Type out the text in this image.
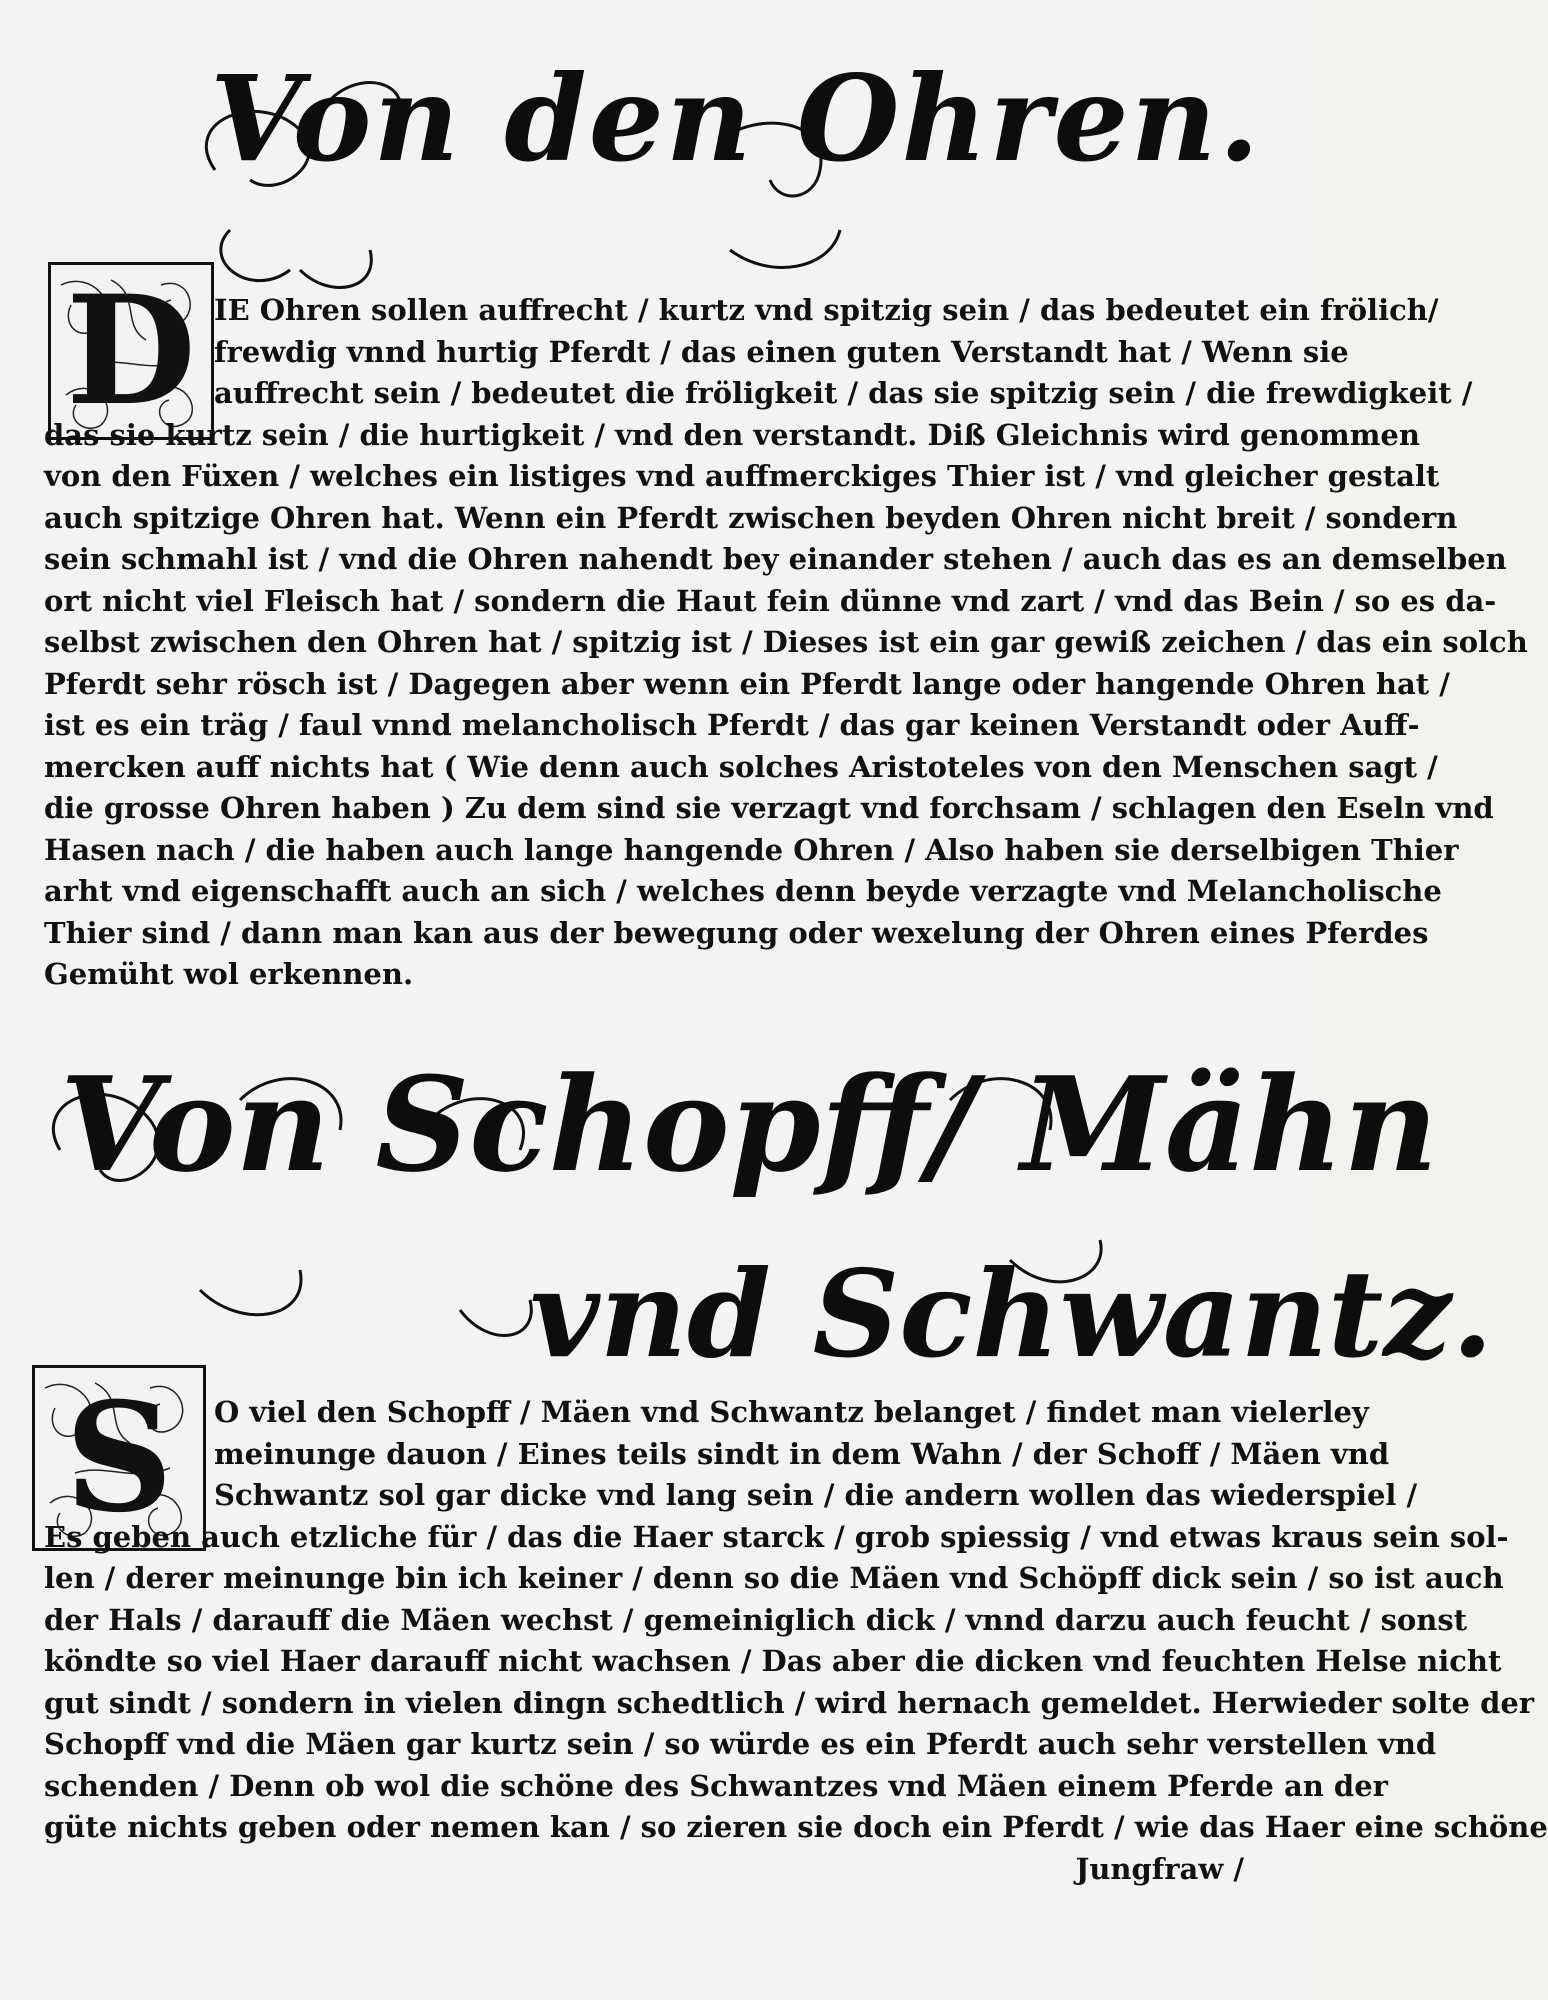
Von den Ohren.
D IE Ohren sollen auffrecht / kurtz vnd spitzig sein / das bedeutet ein frölich/
frewdig vnnd hurtig Pferdt / das einen guten Verstandt hat / Wenn sie
auffrecht sein / bedeutet die frӧligkeit / das sie spitzig sein / die frewdigkeit /
das sie kurtz sein / die hurtigkeit / vnd den verstandt. Diß Gleichnis wird genommen
von den Füxen / welches ein listiges vnd auffmerckiges Thier ist / vnd gleicher gestalt
auch spitzige Ohren hat. Wenn ein Pferdt zwischen beyden Ohren nicht breit / sondern
sein schmahl ist / vnd die Ohren nahendt bey einander stehen / auch das es an demselben
ort nicht viel Fleisch hat / sondern die Haut fein dünne vnd zart / vnd das Bein / so es da-
selbst zwischen den Ohren hat / spitzig ist / Dieses ist ein gar gewiß zeichen / das ein solch
Pferdt sehr rösch ist / Dagegen aber wenn ein Pferdt lange oder hangende Ohren hat /
ist es ein träg / faul vnnd melancholisch Pferdt / das gar keinen Verstandt oder Auff-
mercken auff nichts hat ( Wie denn auch solches Aristoteles von den Menschen sagt /
die grosse Ohren haben ) Zu dem sind sie verzagt vnd forchsam / schlagen den Eseln vnd
Hasen nach / die haben auch lange hangende Ohren / Also haben sie derselbigen Thier
arht vnd eigenschafft auch an sich / welches denn beyde verzagte vnd Melancholische
Thier sind / dann man kan aus der bewegung oder wexelung der Ohren eines Pferdes
Gemüht wol erkennen.
Von Schopff/ Mähn
vnd Schwantz.
S	O viel den Schopff / Mäen vnd Schwantz belanget / findet man vielerley
meinunge dauon / Eines teils sindt in dem Wahn / der Schoff / Mäen vnd
Schwantz sol gar dicke vnd lang sein / die andern wollen das wiederspiel /
Es geben auch etzliche für / das die Haer starck / grob spiessig / vnd etwas kraus sein sol-
len / derer meinunge bin ich keiner / denn so die Mäen vnd Schöpff dick sein / so ist auch
der Hals / darauff die Mäen wechst / gemeiniglich dick / vnnd darzu auch feucht / sonst
köndte so viel Haer darauff nicht wachsen / Das aber die dicken vnd feuchten Helse nicht
gut sindt / sondern in vielen dingn schedtlich / wird hernach gemeldet. Herwieder solte der
Schopff vnd die Mäen gar kurtz sein / so würde es ein Pferdt auch sehr verstellen vnd
schenden / Denn ob wol die schöne des Schwantzes vnd Mäen einem Pferde an der
güte nichts geben oder nemen kan / so zieren sie doch ein Pferdt / wie das Haer eine schöne
Jungfraw /
